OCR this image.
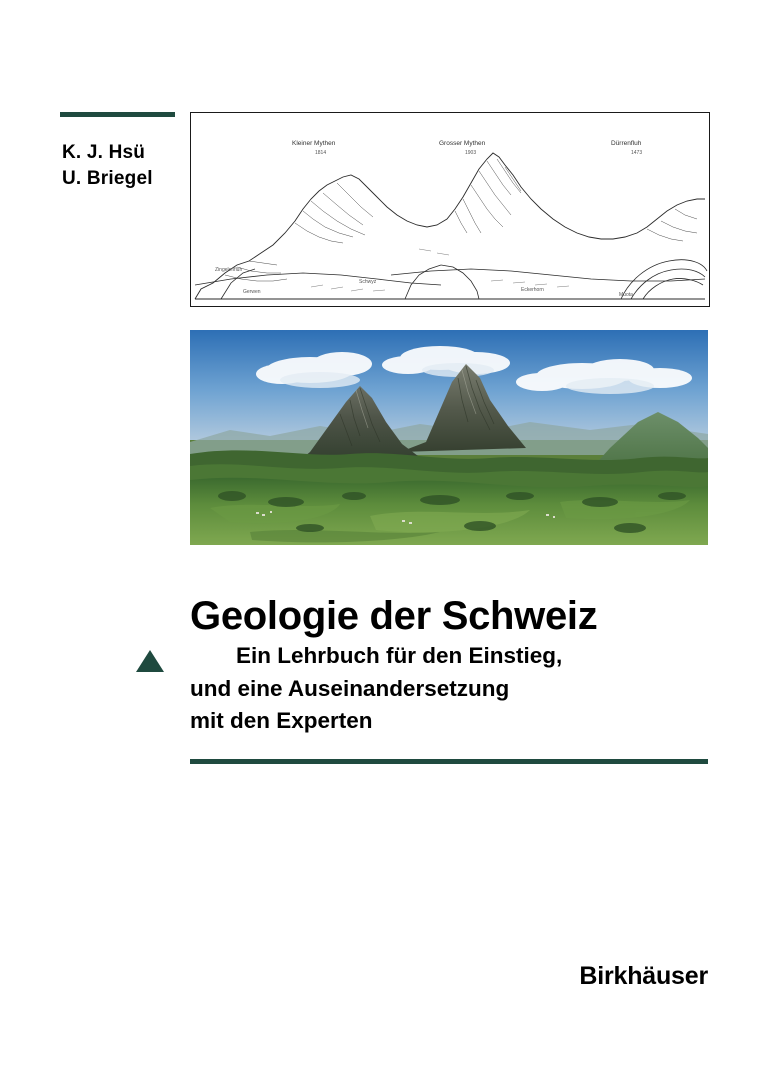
K. J. Hsü
U. Briegel
Kleiner Mythen
1814
Grosser Mythen
1903
Dürrenfluh
1473
Zingelenfluh
Gerwen
Schwyz
Eckerhorn
Muota
Geologie der Schweiz
Ein Lehrbuch für den Einstieg,
und eine Auseinandersetzung
mit den Experten
Birkhäuser
